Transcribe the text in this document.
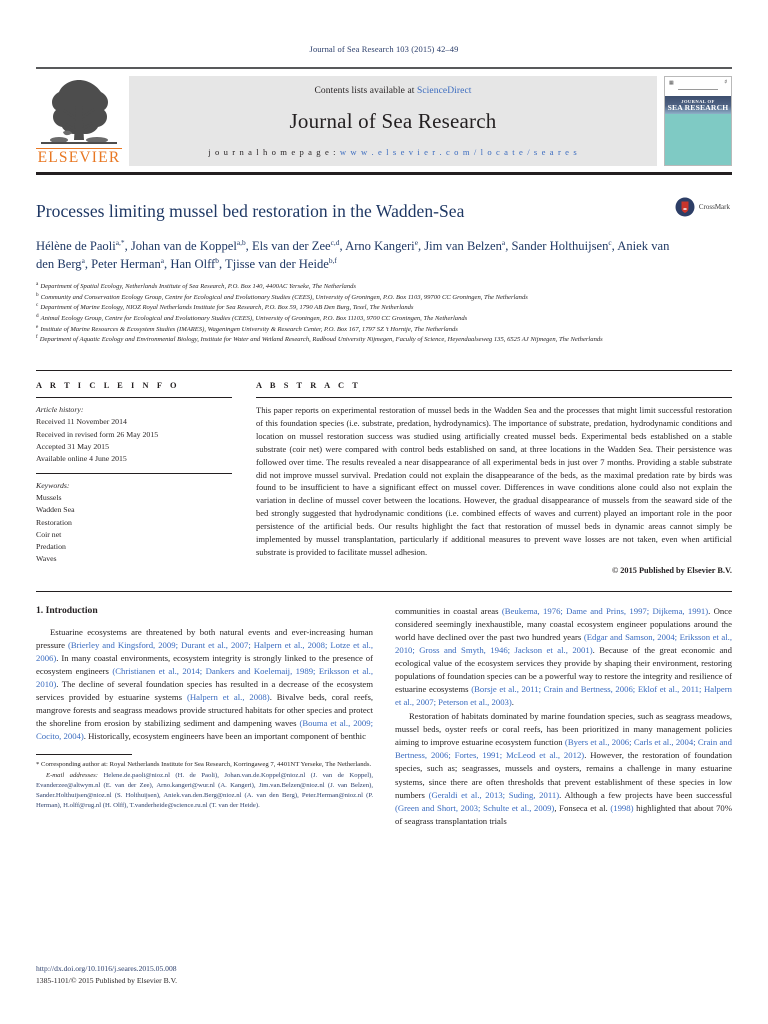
Journal of Sea Research 103 (2015) 42–49
ELSEVIER
Contents lists available at ScienceDirect
Journal of Sea Research
j o u r n a l h o m e p a g e : w w w . e l s e v i e r . c o m / l o c a t e / s e a r e s
▦	♯
JOURNAL OF
SEA RESEARCH
CrossMark
Processes limiting mussel bed restoration in the Wadden-Sea
Hélène de Paoli$^{a,*}$, Johan van de Koppel$^{a,b}$, Els van der Zee$^{c,d}$, Arno Kangeri$^e$, Jim van Belzen$^a$, Sander Holthuijsen$^c$, Aniek van den Berg$^a$, Peter Herman$^a$, Han Olff$^b$, Tjisse van der Heide$^{b,f}$
$^a$ Department of Spatial Ecology, Netherlands Institute of Sea Research, P.O. Box 140, 4400AC Yerseke, The Netherlands
$^b$ Community and Conservation Ecology Group, Centre for Ecological and Evolutionary Studies (CEES), University of Groningen, P.O. Box 1103, 99700 CC Groningen, The Netherlands
$^c$ Department of Marine Ecology, NIOZ Royal Netherlands Institute for Sea Research, P.O. Box 59, 1790 AB Den Burg, Texel, The Netherlands
$^d$ Animal Ecology Group, Centre for Ecological and Evolutionary Studies (CEES), University of Groningen, P.O. Box 11103, 9700 CC Groningen, The Netherlands
$^e$ Institute of Marine Resources & Ecosystem Studies (IMARES), Wageningen University & Research Center, P.O. Box 167, 1797 SZ 't Horntje, The Netherlands
$^f$ Department of Aquatic Ecology and Environmental Biology, Institute for Water and Wetland Research, Radboud University Nijmegen, Faculty of Science, Heyendaalseweg 135, 6525 AJ Nijmegen, The Netherlands
A R T I C L E I N F O
Article history:
Received 11 November 2014
Received in revised form 26 May 2015
Accepted 31 May 2015
Available online 4 June 2015
Keywords:
Mussels
Wadden Sea
Restoration
Coir net
Predation
Waves
A B S T R A C T
This paper reports on experimental restoration of mussel beds in the Wadden Sea and the processes that might limit successful restoration of this foundation species (i.e. substrate, predation, hydrodynamics). The importance of substrate, predation, hydrodynamic conditions and location on mussel restoration success was studied using artificially created mussel beds. Experimental beds established on a stable substrate (coir net) were compared with control beds established on sand, at three locations in the Wadden Sea. Their persistence was followed over time. The results revealed a near disappearance of all experimental beds in just over 7 months. Providing a stable substrate did not improve mussel survival. Predation could not explain the disappearance of the beds, as the maximal predation rate by birds was found to be insufficient to have a significant effect on mussel cover. Differences in wave conditions alone could also not explain the variation in decline of mussel cover between the locations. However, the gradual disappearance of mussels from the seaward side of the bed strongly suggested that hydrodynamic conditions (i.e. combined effects of waves and current) played an important role in the poor persistence of the artificial beds. Our results highlight the fact that restoration of mussel beds in dynamic areas cannot simply be implemented by mussel transplantation, particularly if additional measures to prevent wave losses are not taken, even when artificial substrate is provided to facilitate mussel adhesion.
© 2015 Published by Elsevier B.V.
1. Introduction

Estuarine ecosystems are threatened by both natural events and ever-increasing human pressure (Brierley and Kingsford, 2009; Durant et al., 2007; Halpern et al., 2008; Lotze et al., 2006). In many coastal environments, ecosystem integrity is strongly linked to the presence of ecosystem engineers (Christianen et al., 2014; Dankers and Koelemaij, 1989; Eriksson et al., 2010). The decline of several foundation species has resulted in a decrease of the ecosystem services provided by estuarine systems (Halpern et al., 2008). Bivalve beds, coral reefs, mangrove forests and seagrass meadows provide structured habitats for other species and protect the shoreline from erosion by stabilizing sediment and dampening waves (Bouma et al., 2009; Cocito, 2004). Historically, ecosystem engineers have been an important component of benthic

* Corresponding author at: Royal Netherlands Institute for Sea Research, Korringaweg 7, 4401NT Yerseke, The Netherlands.
E-mail addresses: Helene.de.paoli@nioz.nl (H. de Paoli), Johan.van.de.Koppel@nioz.nl (J. van de Koppel), Evanderzee@altwym.nl (E. van der Zee), Arno.kangeri@wur.nl (A. Kangeri), Jim.van.Belzen@nioz.nl (J. van Belzen), Sander.Holthuijsen@nioz.nl (S. Holthuijsen), Aniek.van.den.Berg@nioz.nl (A. van den Berg), Peter.Herman@nioz.nl (P. Herman), H.olff@rug.nl (H. Olff), T.vanderheide@science.ru.nl (T. van der Heide).

communities in coastal areas (Beukema, 1976; Dame and Prins, 1997; Dijkema, 1991). Once considered seemingly inexhaustible, many coastal ecosystem engineer populations around the world have declined over the past two hundred years (Edgar and Samson, 2004; Eriksson et al., 2010; Gross and Smyth, 1946; Jackson et al., 2001). Because of the great economic and ecological value of the ecosystem services they provide by shaping their environment, restoring populations of foundation species can be a powerful way to restore the integrity and resilience of estuarine ecosystems (Borsje et al., 2011; Crain and Bertness, 2006; Eklof et al., 2011; Halpern et al., 2007; Peterson et al., 2003).

Restoration of habitats dominated by marine foundation species, such as seagrass meadows, mussel beds, oyster reefs or coral reefs, has been prioritized in many management policies aiming to improve estuarine ecosystem function (Byers et al., 2006; Carls et al., 2004; Crain and Bertness, 2006; Fortes, 1991; McLeod et al., 2012). However, the restoration of foundation species, such as; seagrasses, mussels and oysters, remains a challenge in many estuarine systems, since there are often thresholds that prevent establishment of these species in low numbers (Geraldi et al., 2013; Suding, 2011). Although a few projects have been successful (Green and Short, 2003; Schulte et al., 2009), Fonseca et al. (1998) highlighted that about 70% of seagrass transplantation trials

http://dx.doi.org/10.1016/j.seares.2015.05.008
1385-1101/© 2015 Published by Elsevier B.V.
